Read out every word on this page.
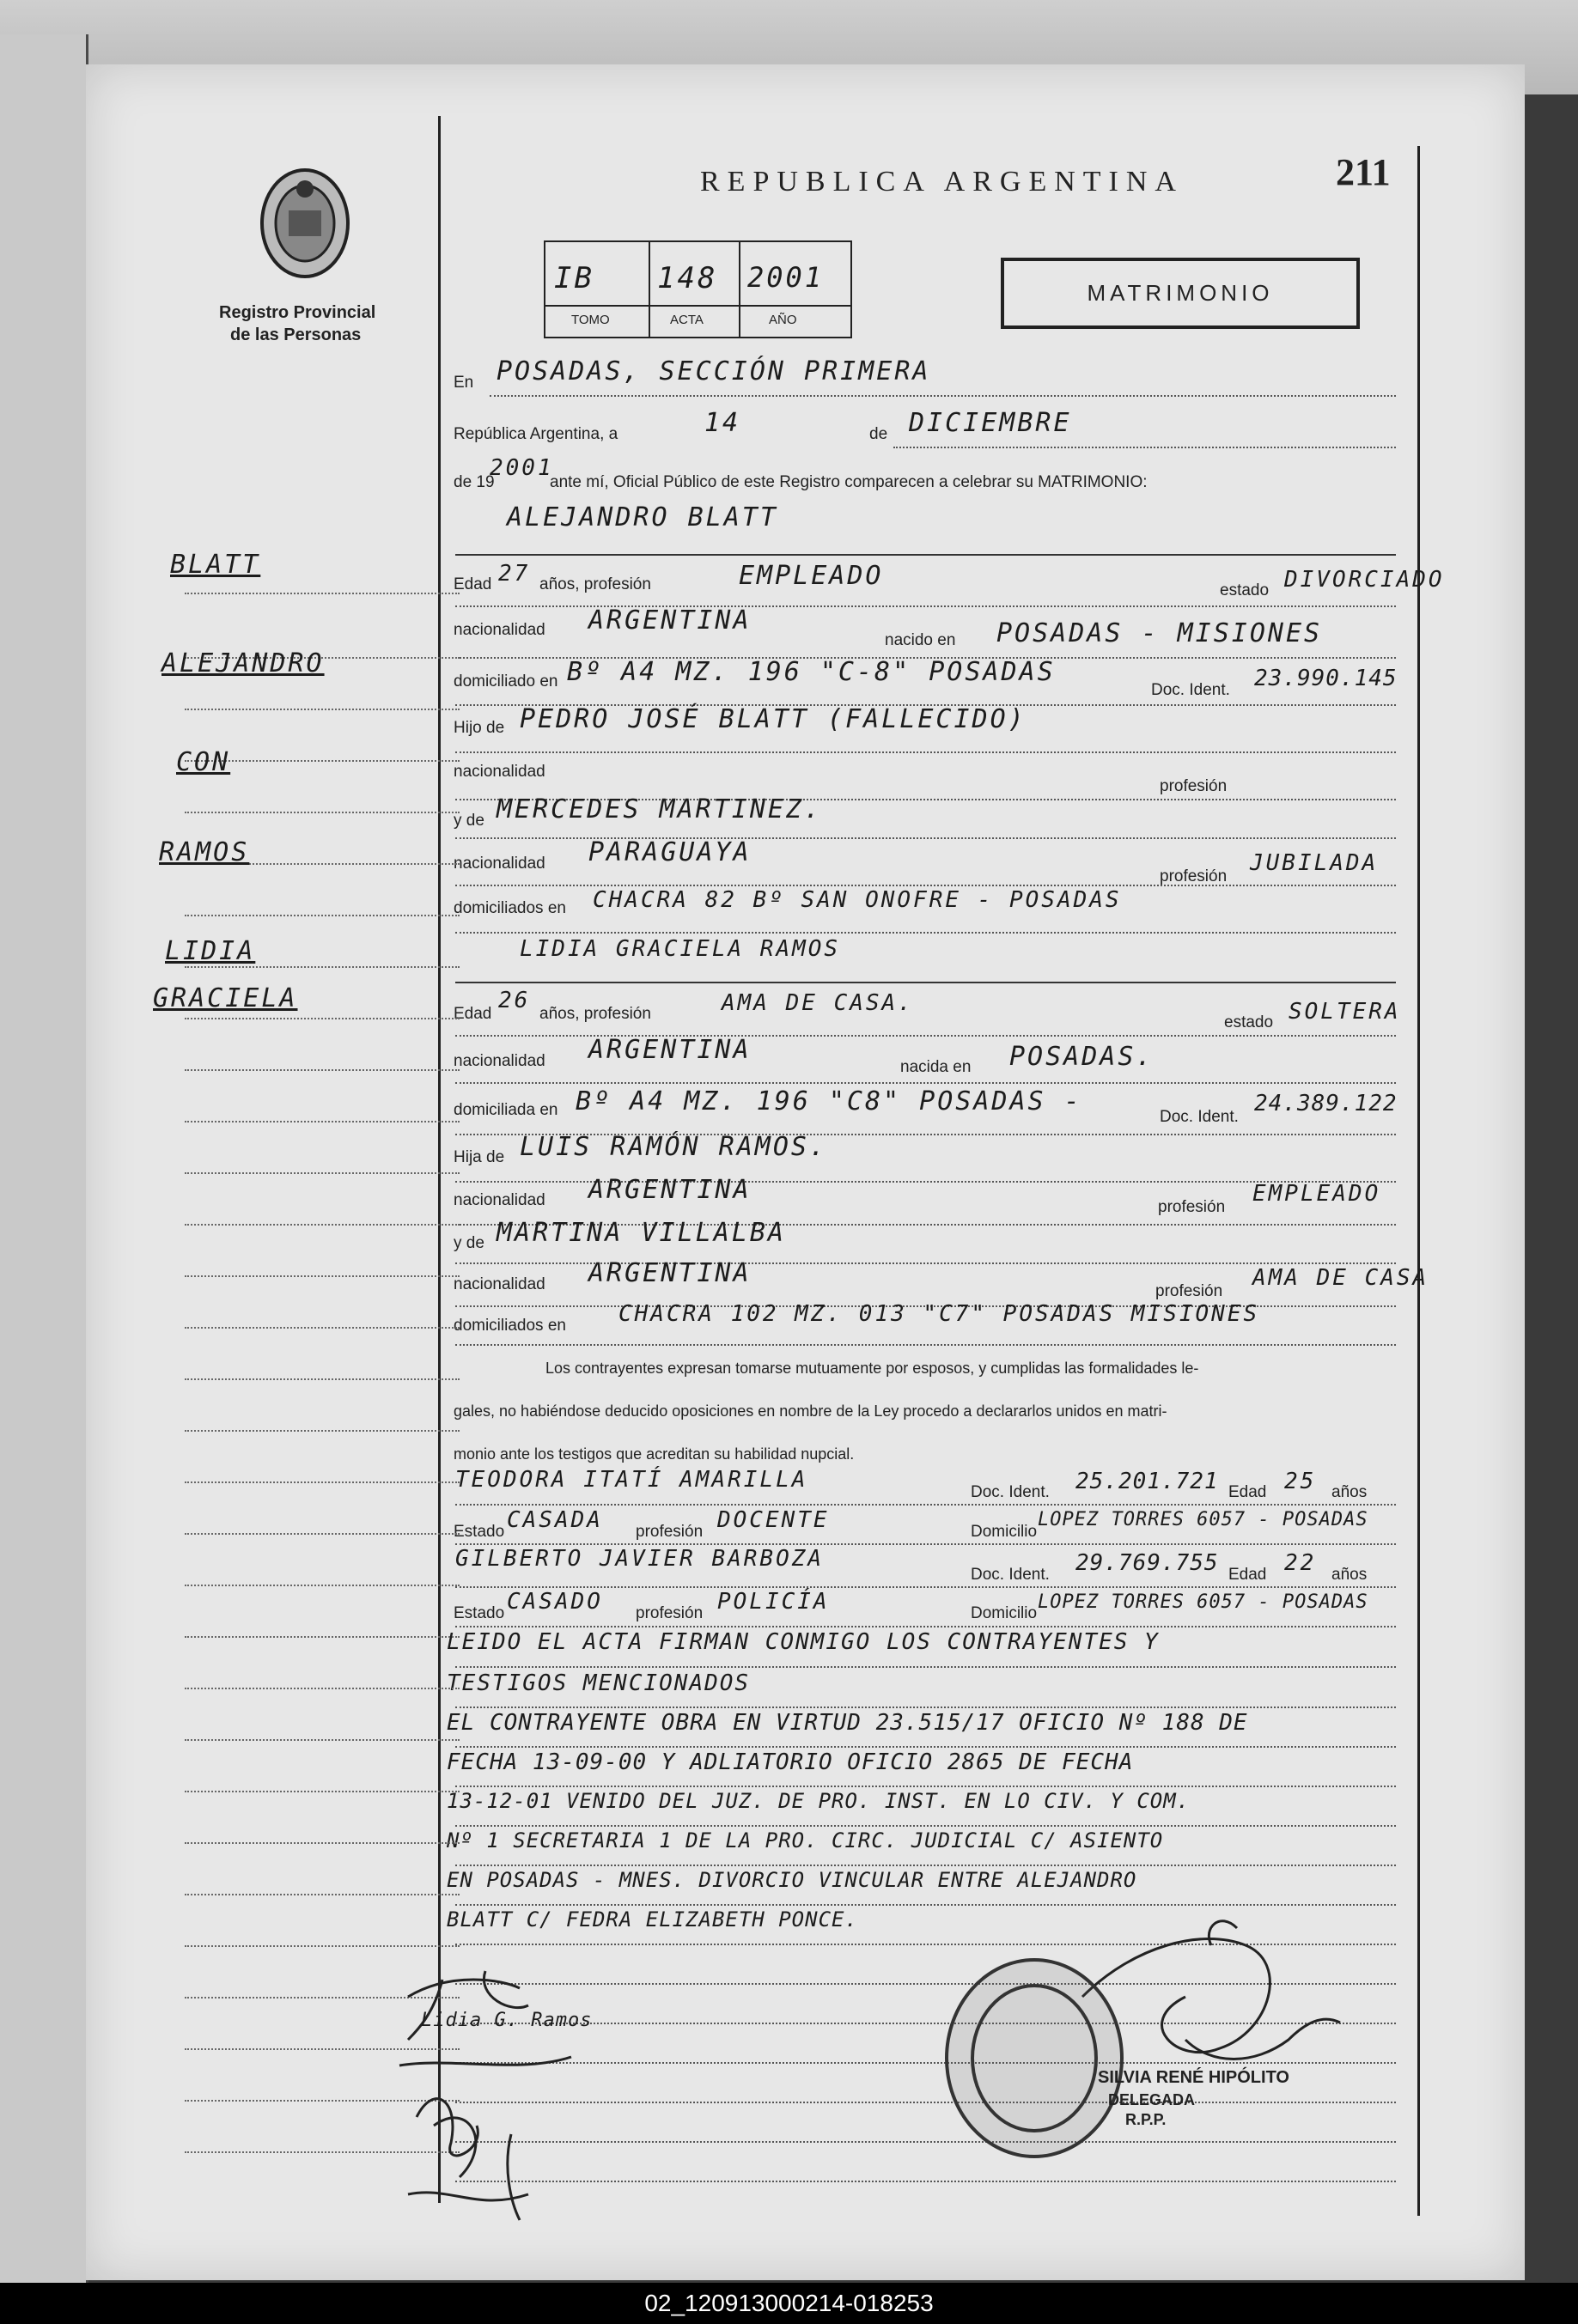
Registro Provincial
de las Personas
REPUBLICA ARGENTINA	211
IB 148 2001
TOMO	ACTA	AÑO
MATRIMONIO
En POSADAS, SECCIÓN PRIMERA
República Argentina, a	14	de DICIEMBRE
de 19
2001
ante mí, Oficial Público de este Registro comparecen a celebrar su MATRIMONIO:
ALEJANDRO BLATT
Edad 27 años, profesión	EMPLEADO	estado DIVORCIADO
nacionalidad ARGENTINA
nacido en POSADAS - MISIONES
domiciliado en Bº A4 MZ. 196 "C-8" POSADAS
Doc. Ident. 23.990.145
Hijo de PEDRO JOSÉ BLATT (FALLECIDO)
nacionalidad
profesión
y de MERCEDES MARTINEZ.
nacionalidad PARAGUAYA
profesión
JUBILADA
domiciliados en CHACRA 82 Bº SAN ONOFRE - POSADAS
LIDIA GRACIELA RAMOS
Edad
26
años, profesión	AMA DE CASA.
estado SOLTERA
nacionalidad ARGENTINA
nacida en POSADAS.
domiciliada en Bº A4 MZ. 196 "C8" POSADAS -
Doc. Ident.
24.389.122
Hija de LUIS RAMÓN RAMOS.
nacionalidad ARGENTINA
profesión
EMPLEADO
y de MARTINA VILLALBA
nacionalidad ARGENTINA
profesión
AMA DE CASA
domiciliados en CHACRA 102 MZ. 013 "C7" POSADAS MISIONES
Los contrayentes expresan tomarse mutuamente por esposos, y cumplidas las formalidades le-
gales, no habiéndose deducido oposiciones en nombre de la Ley procedo a declararlos unidos en matri-
monio ante los testigos que acreditan su habilidad nupcial.
TEODORA ITATÍ AMARILLA	Doc. Ident. 25.201.721 Edad 25 años
Estado CASADA profesión DOCENTE	Domicilio
LOPEZ TORRES 6057 - POSADAS
GILBERTO JAVIER BARBOZA
Doc. Ident. 29.769.755 Edad 22 años
Estado CASADO profesión POLICÍA	Domicilio
LOPEZ TORRES 6057 - POSADAS
LEIDO EL ACTA FIRMAN CONMIGO LOS CONTRAYENTES Y
TESTIGOS MENCIONADOS
EL CONTRAYENTE OBRA EN VIRTUD 23.515/17 OFICIO Nº 188 DE
FECHA 13-09-00 Y ADLIATORIO OFICIO 2865 DE FECHA
13-12-01 VENIDO DEL JUZ. DE PRO. INST. EN LO CIV. Y COM.
Nº 1 SECRETARIA 1 DE LA PRO. CIRC. JUDICIAL C/ ASIENTO
EN POSADAS - MNES. DIVORCIO VINCULAR ENTRE ALEJANDRO
BLATT C/ FEDRA ELIZABETH PONCE.
BLATT
ALEJANDRO
CON
RAMOS
LIDIA
GRACIELA
Lidia G. Ramos
SILVIA RENÉ HIPÓLITO
DELEGADA
R.P.P.
02_120913000214-018253
